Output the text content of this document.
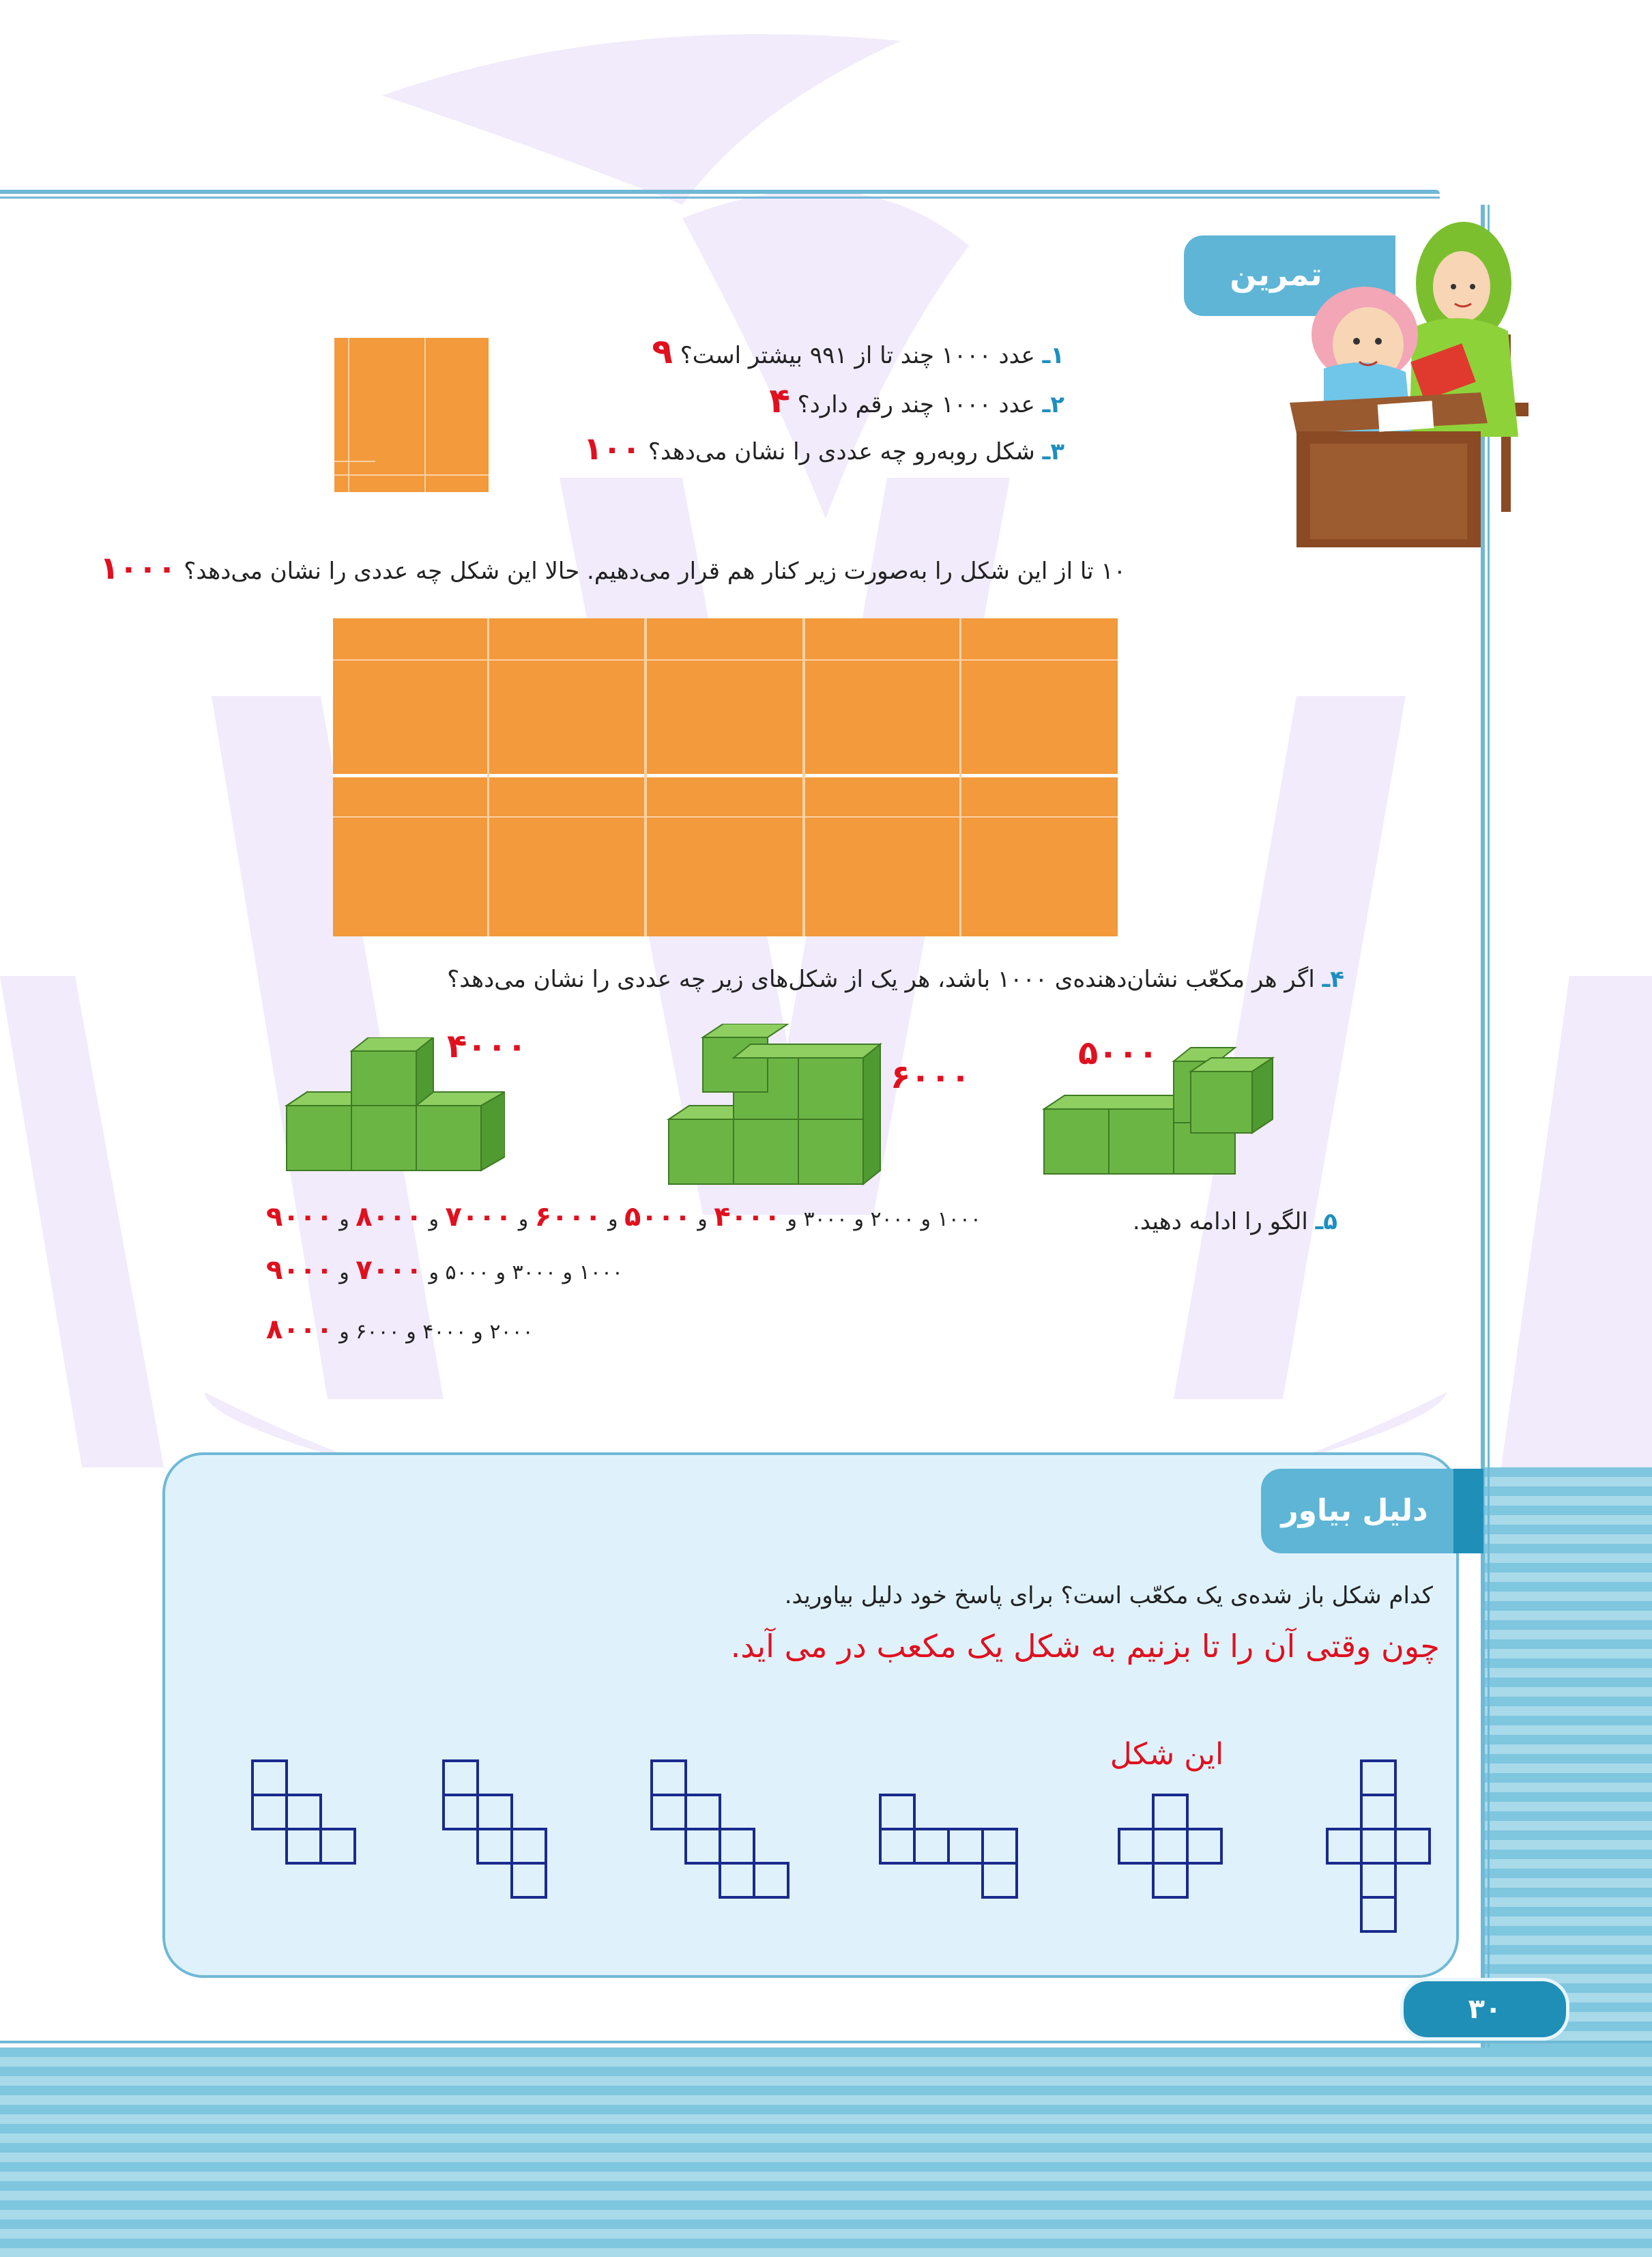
تمرین
۱ـ عدد ۱۰۰۰ چند تا از ۹۹۱ بیشتر است؟ ۹
۲ـ عدد ۱۰۰۰ چند رقم دارد؟ ۴
۳ـ شکل روبه‌رو چه عددی را نشان می‌دهد؟ ۱۰۰
۱۰ تا از این شکل را به‌صورت زیر کنار هم قرار می‌دهیم. حالا این شکل چه عددی را نشان می‌دهد؟ ۱۰۰۰
۴ـ اگر هر مکعّب نشان‌دهنده‌ی ۱۰۰۰ باشد، هر یک از شکل‌های زیر چه عددی را نشان می‌دهد؟
۴۰۰۰
۶۰۰۰
۵۰۰۰
۵ـ الگو را ادامه دهید.
۱۰۰۰ و ۲۰۰۰ و ۳۰۰۰ و ۴۰۰۰ و ۵۰۰۰ و ۶۰۰۰ و ۷۰۰۰ و ۸۰۰۰ و ۹۰۰۰
۱۰۰۰ و ۳۰۰۰ و ۵۰۰۰ و ۷۰۰۰ و ۹۰۰۰
۲۰۰۰ و ۴۰۰۰ و ۶۰۰۰ و ۸۰۰۰
دلیل بیاور
کدام شکل باز شده‌ی یک مکعّب است؟ برای پاسخ خود دلیل بیاورید.
چون وقتی آن را تا بزنیم به شکل یک مکعب در می آید.
این شکل
۳۰
